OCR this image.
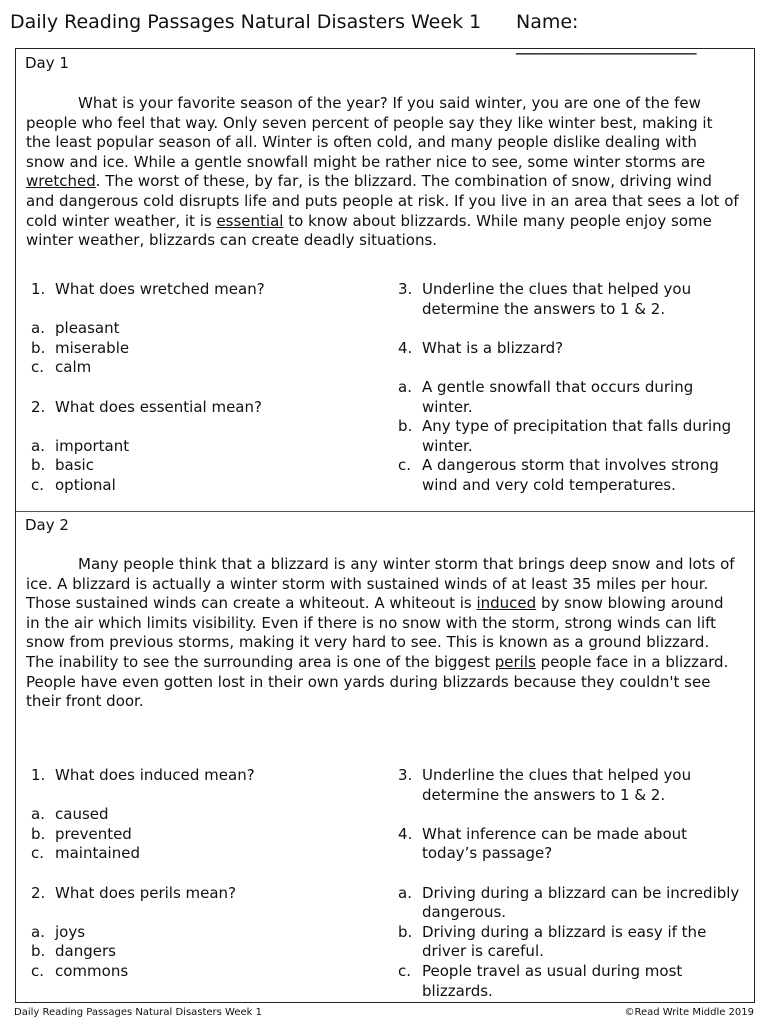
Daily Reading Passages Natural Disasters Week 1 Name: ___________________
Day 1

What is your favorite season of the year? If you said winter, you are one of the few people who feel that way. Only seven percent of people say they like winter best, making it the least popular season of all. Winter is often cold, and many people dislike dealing with snow and ice. While a gentle snowfall might be rather nice to see, some winter storms are wretched. The worst of these, by far, is the blizzard. The combination of snow, driving wind and dangerous cold disrupts life and puts people at risk. If you live in an area that sees a lot of cold winter weather, it is essential to know about blizzards. While many people enjoy some winter weather, blizzards can create deadly situations.

1. What does wretched mean?
a. pleasant
b. miserable
c. calm
2. What does essential mean?
a. important
b. basic
c. optional
3. Underline the clues that helped you determine the answers to 1 & 2.
4. What is a blizzard?
a. A gentle snowfall that occurs during winter.
b. Any type of precipitation that falls during winter.
c. A dangerous storm that involves strong wind and very cold temperatures.
Day 2

Many people think that a blizzard is any winter storm that brings deep snow and lots of ice. A blizzard is actually a winter storm with sustained winds of at least 35 miles per hour. Those sustained winds can create a whiteout. A whiteout is induced by snow blowing around in the air which limits visibility. Even if there is no snow with the storm, strong winds can lift snow from previous storms, making it very hard to see. This is known as a ground blizzard. The inability to see the surrounding area is one of the biggest perils people face in a blizzard. People have even gotten lost in their own yards during blizzards because they couldn't see their front door.

1. What does induced mean?
a. caused
b. prevented
c. maintained
2. What does perils mean?
a. joys
b. dangers
c. commons
3. Underline the clues that helped you determine the answers to 1 & 2.
4. What inference can be made about today’s passage?
a. Driving during a blizzard can be incredibly dangerous.
b. Driving during a blizzard is easy if the driver is careful.
c. People travel as usual during most blizzards.
Daily Reading Passages Natural Disasters Week 1	©Read Write Middle 2019
